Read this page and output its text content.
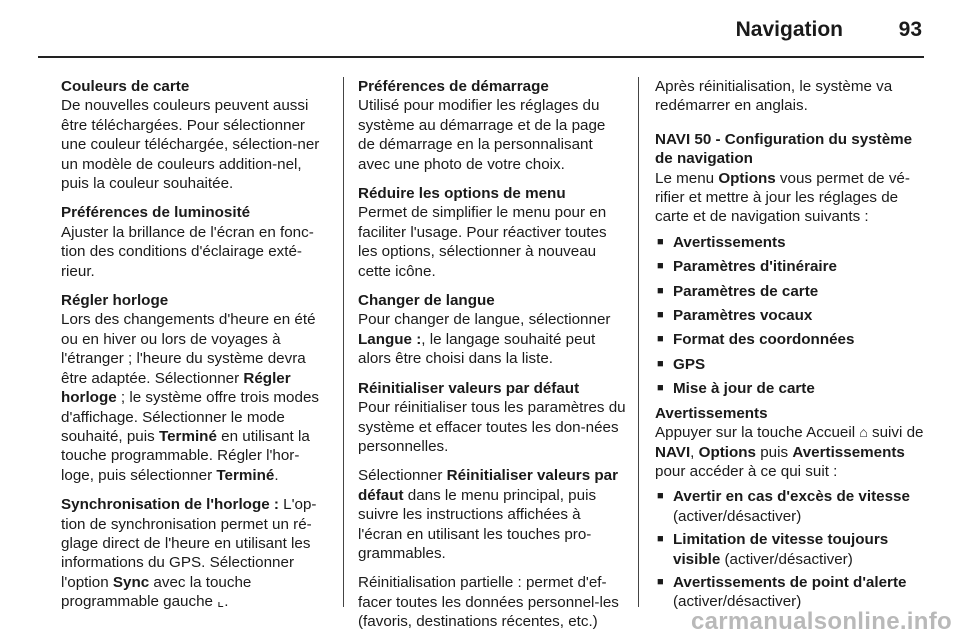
Navigation	93
Couleurs de carte

De nouvelles couleurs peuvent aussi être téléchargées. Pour sélectionner une couleur téléchargée, sélection-ner un modèle de couleurs addition-nel, puis la couleur souhaitée.

Préférences de luminosité

Ajuster la brillance de l'écran en fonc-tion des conditions d'éclairage exté-rieur.

Régler horloge

Lors des changements d'heure en été ou en hiver ou lors de voyages à l'étranger ; l'heure du système devra être adaptée. Sélectionner Régler horloge ; le système offre trois modes d'affichage. Sélectionner le mode souhaité, puis Terminé en utilisant la touche programmable. Régler l'hor-loge, puis sélectionner Terminé.

Synchronisation de l'horloge : L'op-tion de synchronisation permet un ré-glage direct de l'heure en utilisant les informations du GPS. Sélectionner l'option Sync avec la touche programmable gauche ⌞.

Préférences de démarrage

Utilisé pour modifier les réglages du système au démarrage et de la page de démarrage en la personnalisant avec une photo de votre choix.

Réduire les options de menu

Permet de simplifier le menu pour en faciliter l'usage. Pour réactiver toutes les options, sélectionner à nouveau cette icône.

Changer de langue

Pour changer de langue, sélectionner Langue :, le langage souhaité peut alors être choisi dans la liste.

Réinitialiser valeurs par défaut

Pour réinitialiser tous les paramètres du système et effacer toutes les don-nées personnelles.

Sélectionner Réinitialiser valeurs par défaut dans le menu principal, puis suivre les instructions affichées à l'écran en utilisant les touches pro-grammables.

Réinitialisation partielle : permet d'ef-facer toutes les données personnel-les (favoris, destinations récentes, etc.)

Après réinitialisation, le système va redémarrer en anglais.

NAVI 50 - Configuration du système de navigation

Le menu Options vous permet de vé-rifier et mettre à jour les réglages de carte et de navigation suivants :

■ Avertissements
■ Paramètres d'itinéraire
■ Paramètres de carte
■ Paramètres vocaux
■ Format des coordonnées
■ GPS
■ Mise à jour de carte
Avertissements

Appuyer sur la touche Accueil ⌂ suivi de NAVI, Options puis Avertissements pour accéder à ce qui suit :

■ Avertir en cas d'excès de vitesse (activer/désactiver)
■ Limitation de vitesse toujours visible (activer/désactiver)
■ Avertissements de point d'alerte (activer/désactiver)
carmanualsonline.info
